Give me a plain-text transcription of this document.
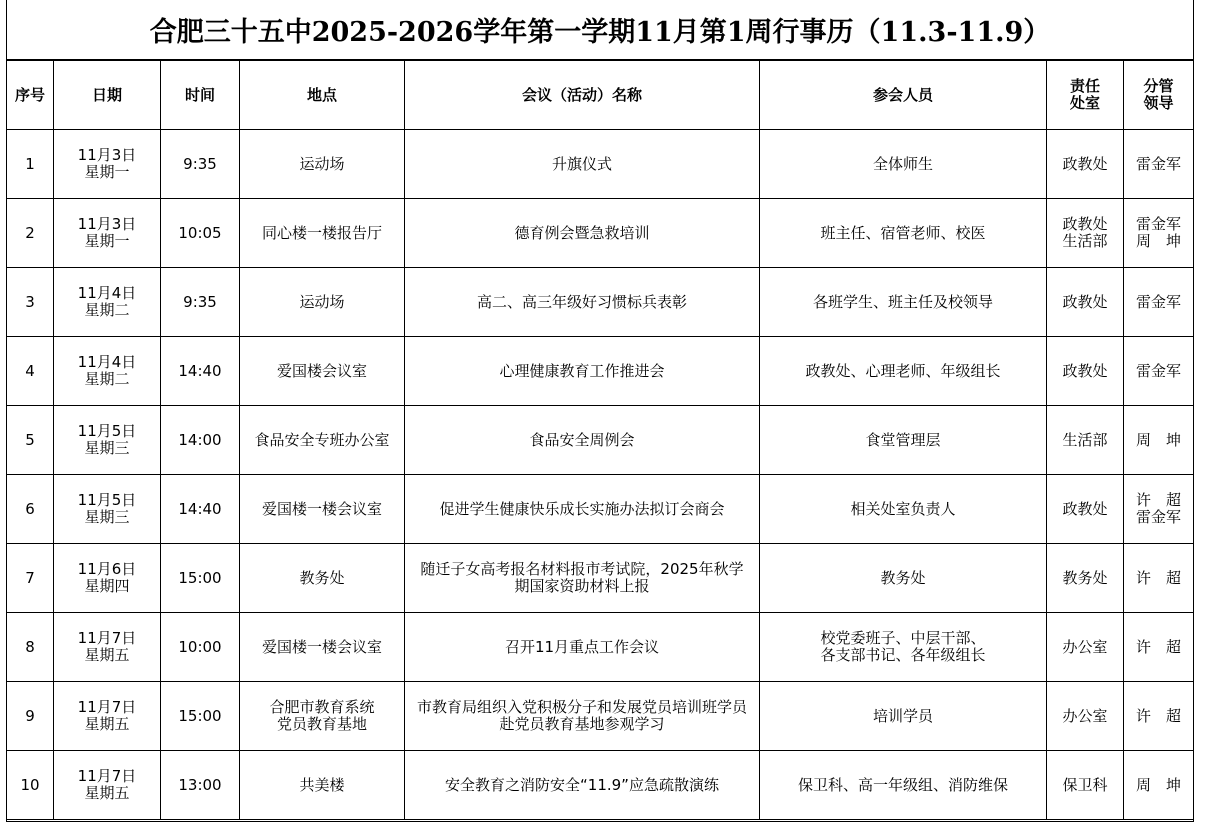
合肥三十五中2025-2026学年第一学期11月第1周行事历（11.3-11.9）
序号	日期	时间	地点	会议（活动）名称	参会人员	责任
处室	分管
领导
1	11月3日
星期一	9:35	运动场	升旗仪式	全体师生	政教处	雷金军
2	11月3日
星期一	10:05	同心楼一楼报告厅	德育例会暨急救培训	班主任、宿管老师、校医	政教处
生活部	雷金军
周　坤
3	11月4日
星期二	9:35	运动场	高二、高三年级好习惯标兵表彰	各班学生、班主任及校领导	政教处	雷金军
4	11月4日
星期二	14:40	爱国楼会议室	心理健康教育工作推进会	政教处、心理老师、年级组长	政教处	雷金军
5	11月5日
星期三	14:00	食品安全专班办公室	食品安全周例会	食堂管理层	生活部	周　坤
6	11月5日
星期三	14:40	爱国楼一楼会议室	促进学生健康快乐成长实施办法拟订会商会	相关处室负责人	政教处	许　超
雷金军
7	11月6日
星期四	15:00	教务处	随迁子女高考报名材料报市考试院，2025年秋学
期国家资助材料上报	教务处	教务处	许　超
8	11月7日
星期五	10:00	爱国楼一楼会议室	召开11月重点工作会议	校党委班子、中层干部、
各支部书记、各年级组长	办公室	许　超
9	11月7日
星期五	15:00	合肥市教育系统
党员教育基地	市教育局组织入党积极分子和发展党员培训班学员
赴党员教育基地参观学习	培训学员	办公室	许　超
10	11月7日
星期五	13:00	共美楼	安全教育之消防安全“11.9”应急疏散演练	保卫科、高一年级组、消防维保	保卫科	周　坤
